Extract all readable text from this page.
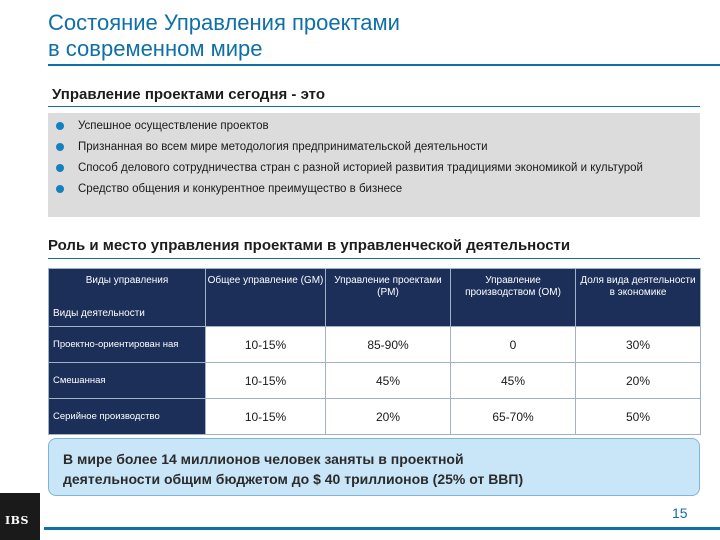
Состояние Управления проектами
в современном мире
Управление проектами сегодня - это
Успешное осуществление проектов
Признанная во всем мире методология предпринимательской деятельности
Способ делового сотрудничества стран с разной историей развития традициями экономикой и культурой
Средство общения и конкурентное преимущество в бизнесе
Роль и место управления проектами в управленческой деятельности
Виды управления
Виды деятельности	Общее управление (GM)	Управление проектами (PM)	Управление производством (OM)	Доля вида деятельности в экономике
Проектно-ориентирован ная	10-15%	85-90%	0	30%
Смешанная	10-15%	45%	45%	20%
Серийное производство	10-15%	20%	65-70%	50%
В мире более 14 миллионов человек заняты в проектной
деятельности общим бюджетом до $ 40 триллионов (25% от ВВП)
15
IBS
